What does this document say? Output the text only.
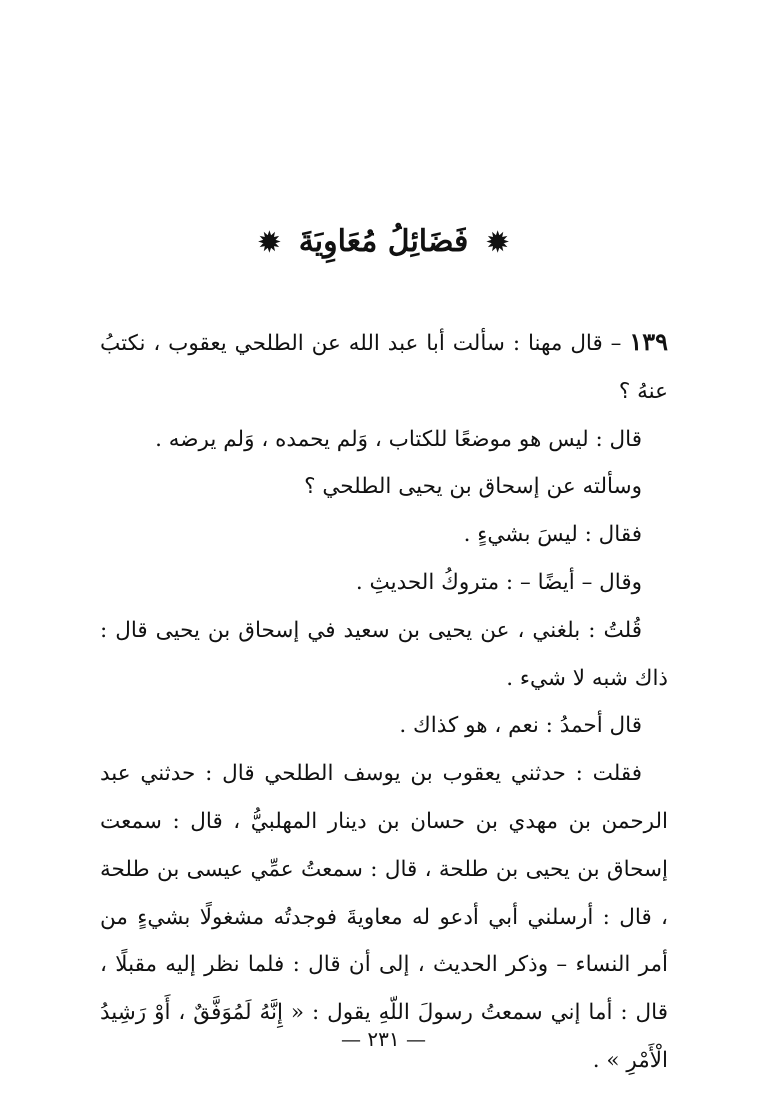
✹ فَضَائِلُ مُعَاوِيَةَ ✹

١٣٩ – قال مهنا : سألت أبا عبد الله عن الطلحي يعقوب ، نكتبُ عنهُ ؟

قال : ليس هو موضعًا للكتاب ، وَلم يحمده ، وَلم يرضه .

وسألته عن إسحاق بن يحيى الطلحي ؟

فقال : ليسَ بشيءٍ .

وقال – أيضًا – : متروكُ الحديثِ .

قُلتُ : بلغني ، عن يحيى بن سعيد في إسحاق بن يحيى قال : ذاك شبه لا شيء .

قال أحمدُ : نعم ، هو كذاك .

فقلت : حدثني يعقوب بن يوسف الطلحي قال : حدثني عبد الرحمن بن مهدي بن حسان بن دينار المهلبيُّ ، قال : سمعت إسحاق بن يحيى بن طلحة ، قال : سمعتُ عمِّي عيسى بن طلحة ، قال : أرسلني أبي أدعو له معاويةَ فوجدتُه مشغولًا بشيءٍ من أمر النساء – وذكر الحديث ، إلى أن قال : فلما نظر إليه مقبلًا ، قال : أما إني سمعتُ رسولَ اللّهِ يقول : « إِنَّهُ لَمُوَفَّقٌ ، أَوْ رَشِيدُ الْأَمْرِ » .

— ٢٣١ —
